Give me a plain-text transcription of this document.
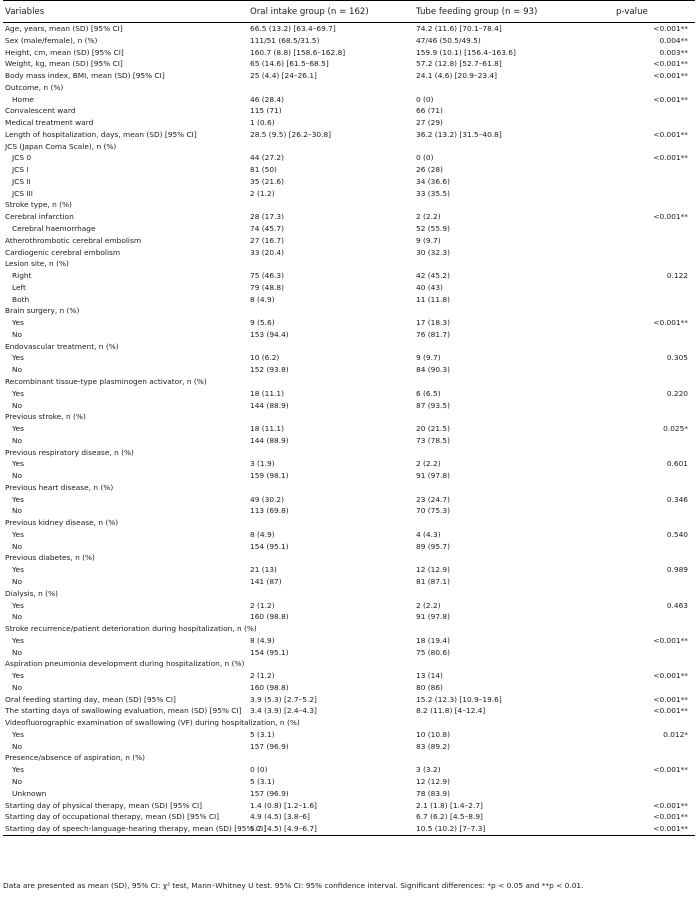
Variables	Oral intake group (n = 162)	Tube feeding group (n = 93)	p-value
Age, years, mean (SD) [95% CI]	66.5 (13.2) [63.4–69.7]	74.2 (11.6) [70.1–78.4]	<0.001**
Sex (male/female), n (%)	111/51 (68.5/31.5)	47/46 (50.5/49.5)	0.004**
Height, cm, mean (SD) [95% CI]	160.7 (8.8) [158.6–162.8]	159.9 (10.1) [156.4–163.6]	0.003**
Weight, kg, mean (SD) [95% CI]	65 (14.6) [61.5–68.5]	57.2 (12.8) [52.7–61.8]	<0.001**
Body mass index, BMI, mean (SD) [95% CI]	25 (4.4) [24–26.1]	24.1 (4.6) [20.9–23.4]	<0.001**
Outcome, n (%)			
Home	46 (28.4)	0 (0)	<0.001**
Convalescent ward	115 (71)	66 (71)	
Medical treatment ward	1 (0.6)	27 (29)	
Length of hospitalization, days, mean (SD) [95% CI]	28.5 (9.5) [26.2–30.8]	36.2 (13.2) [31.5–40.8]	<0.001**
JCS (Japan Coma Scale), n (%)			
JCS 0	44 (27.2)	0 (0)	<0.001**
JCS I	81 (50)	26 (28)	
JCS II	35 (21.6)	34 (36.6)	
JCS III	2 (1.2)	33 (35.5)	
Stroke type, n (%)			
Cerebral infarction	28 (17.3)	2 (2.2)	<0.001**
Cerebral haemorrhage	74 (45.7)	52 (55.9)	
Atherothrombotic cerebral embolism	27 (16.7)	9 (9.7)	
Cardiogenic cerebral embolism	33 (20.4)	30 (32.3)	
Lesion site, n (%)			
Right	75 (46.3)	42 (45.2)	0.122
Left	79 (48.8)	40 (43)	
Both	8 (4.9)	11 (11.8)	
Brain surgery, n (%)			
Yes	9 (5.6)	17 (18.3)	<0.001**
No	153 (94.4)	76 (81.7)	
Endovascular treatment, n (%)			
Yes	10 (6.2)	9 (9.7)	0.305
No	152 (93.8)	84 (90.3)	
Recombinant tissue-type plasminogen activator, n (%)			
Yes	18 (11.1)	6 (6.5)	0.220
No	144 (88.9)	87 (93.5)	
Previous stroke, n (%)			
Yes	18 (11.1)	20 (21.5)	0.025*
No	144 (88.9)	73 (78.5)	
Previous respiratory disease, n (%)			
Yes	3 (1.9)	2 (2.2)	0.601
No	159 (98.1)	91 (97.8)	
Previous heart disease, n (%)			
Yes	49 (30.2)	23 (24.7)	0.346
No	113 (69.8)	70 (75.3)	
Previous kidney disease, n (%)			
Yes	8 (4.9)	4 (4.3)	0.540
No	154 (95.1)	89 (95.7)	
Previous diabetes, n (%)			
Yes	21 (13)	12 (12.9)	0.989
No	141 (87)	81 (87.1)	
Dialysis, n (%)			
Yes	2 (1.2)	2 (2.2)	0.463
No	160 (98.8)	91 (97.8)	
Stroke recurrence/patient deterioration during hospitalization, n (%)			
Yes	8 (4.9)	18 (19.4)	<0.001**
No	154 (95.1)	75 (80.6)	
Aspiration pneumonia development during hospitalization, n (%)			
Yes	2 (1.2)	13 (14)	<0.001**
No	160 (98.8)	80 (86)	
Oral feeding starting day, mean (SD) [95% CI]	3.9 (5.3) [2.7–5.2]	15.2 (12.3) [10.9–19.6]	<0.001**
The starting days of swallowing evaluation, mean (SD) [95% CI]	3.4 (3.9) [2.4–4.3]	8.2 (11.8) [4–12.4]	<0.001**
Videofluorographic examination of swallowing (VF) during hospitalization, n (%)			
Yes	5 (3.1)	10 (10.8)	0.012*
No	157 (96.9)	83 (89.2)	
Presence/absence of aspiration, n (%)			
Yes	0 (0)	3 (3.2)	<0.001**
No	5 (3.1)	12 (12.9)	
Unknown	157 (96.9)	78 (83.9)	
Starting day of physical therapy, mean (SD) [95% CI]	1.4 (0.8) [1.2–1.6]	2.1 (1.8) [1.4–2.7]	<0.001**
Starting day of occupational therapy, mean (SD) [95% CI]	4.9 (4.5) [3.8–6]	6.7 (6.2) [4.5–8.9]	<0.001**
Starting day of speech-language-hearing therapy, mean (SD) [95% CI]	5.7 (4.5) [4.9–6.7]	10.5 (10.2) [7–7.3]	<0.001**
Data are presented as mean (SD), 95% CI: χ² test, Mann–Whitney U test. 95% CI: 95% confidence interval. Significant differences: *p < 0.05 and **p < 0.01.
